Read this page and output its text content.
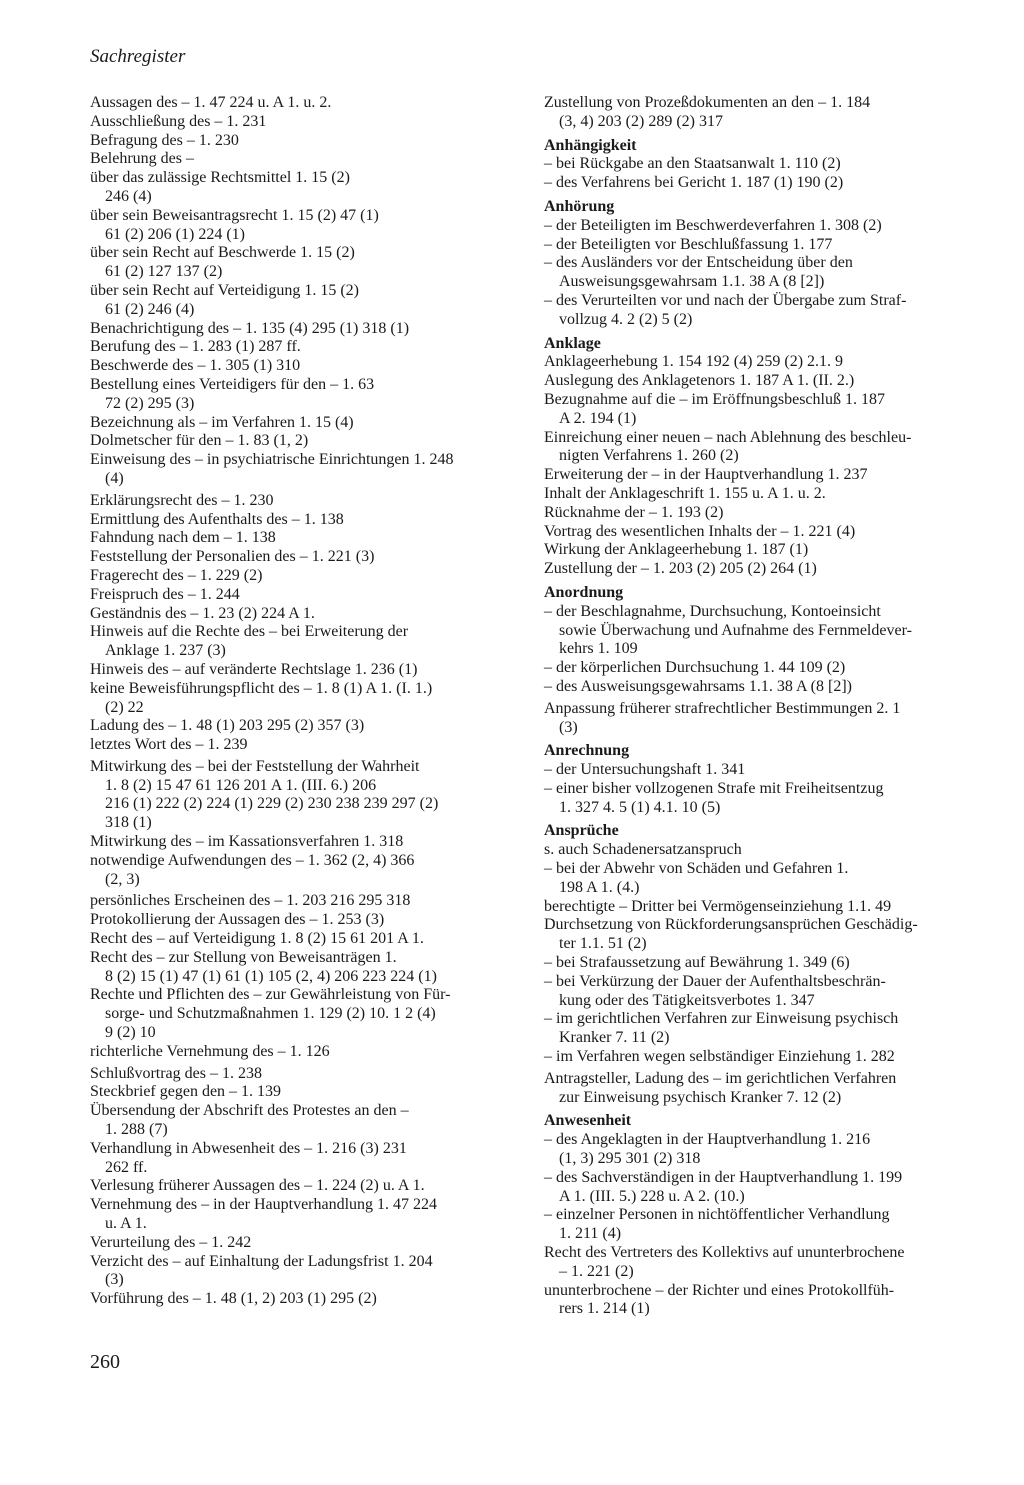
Sachregister
Aussagen des – 1. 47 224 u. A 1. u. 2.
Ausschließung des – 1. 231
Befragung des – 1. 230
Belehrung des –
über das zulässige Rechtsmittel 1. 15 (2)
246 (4)
über sein Beweisantragsrecht 1. 15 (2) 47 (1)
61 (2) 206 (1) 224 (1)
über sein Recht auf Beschwerde 1. 15 (2)
61 (2) 127 137 (2)
über sein Recht auf Verteidigung 1. 15 (2)
61 (2) 246 (4)
Benachrichtigung des – 1. 135 (4) 295 (1) 318 (1)
Berufung des – 1. 283 (1) 287 ff.
Beschwerde des – 1. 305 (1) 310
Bestellung eines Verteidigers für den – 1. 63
72 (2) 295 (3)
Bezeichnung als – im Verfahren 1. 15 (4)
Dolmetscher für den – 1. 83 (1, 2)
Einweisung des – in psychiatrische Einrichtungen 1. 248
(4)
Erklärungsrecht des – 1. 230
Ermittlung des Aufenthalts des – 1. 138
Fahndung nach dem – 1. 138
Feststellung der Personalien des – 1. 221 (3)
Fragerecht des – 1. 229 (2)
Freispruch des – 1. 244
Geständnis des – 1. 23 (2) 224 A 1.
Hinweis auf die Rechte des – bei Erweiterung der
Anklage 1. 237 (3)
Hinweis des – auf veränderte Rechtslage 1. 236 (1)
keine Beweisführungspflicht des – 1. 8 (1) A 1. (I. 1.)
(2) 22
Ladung des – 1. 48 (1) 203 295 (2) 357 (3)
letztes Wort des – 1. 239
Mitwirkung des – bei der Feststellung der Wahrheit
1. 8 (2) 15 47 61 126 201 A 1. (III. 6.) 206
216 (1) 222 (2) 224 (1) 229 (2) 230 238 239 297 (2)
318 (1)
Mitwirkung des – im Kassationsverfahren 1. 318
notwendige Aufwendungen des – 1. 362 (2, 4) 366
(2, 3)
persönliches Erscheinen des – 1. 203 216 295 318
Protokollierung der Aussagen des – 1. 253 (3)
Recht des – auf Verteidigung 1. 8 (2) 15 61 201 A 1.
Recht des – zur Stellung von Beweisanträgen 1.
8 (2) 15 (1) 47 (1) 61 (1) 105 (2, 4) 206 223 224 (1)
Rechte und Pflichten des – zur Gewährleistung von Für-
sorge- und Schutzmaßnahmen 1. 129 (2) 10. 1 2 (4)
9 (2) 10
richterliche Vernehmung des – 1. 126
Schlußvortrag des – 1. 238
Steckbrief gegen den – 1. 139
Übersendung der Abschrift des Protestes an den –
1. 288 (7)
Verhandlung in Abwesenheit des – 1. 216 (3) 231
262 ff.
Verlesung früherer Aussagen des – 1. 224 (2) u. A 1.
Vernehmung des – in der Hauptverhandlung 1. 47 224
u. A 1.
Verurteilung des – 1. 242
Verzicht des – auf Einhaltung der Ladungsfrist 1. 204
(3)
Vorführung des – 1. 48 (1, 2) 203 (1) 295 (2)
Zustellung von Prozeßdokumenten an den – 1. 184
(3, 4) 203 (2) 289 (2) 317
Anhängigkeit
– bei Rückgabe an den Staatsanwalt 1. 110 (2)
– des Verfahrens bei Gericht 1. 187 (1) 190 (2)
Anhörung
– der Beteiligten im Beschwerdeverfahren 1. 308 (2)
– der Beteiligten vor Beschlußfassung 1. 177
– des Ausländers vor der Entscheidung über den
Ausweisungsgewahrsam 1.1. 38 A (8 [2])
– des Verurteilten vor und nach der Übergabe zum Straf-
vollzug 4. 2 (2) 5 (2)
Anklage
Anklageerhebung 1. 154 192 (4) 259 (2) 2.1. 9
Auslegung des Anklagetenors 1. 187 A 1. (II. 2.)
Bezugnahme auf die – im Eröffnungsbeschluß 1. 187
A 2. 194 (1)
Einreichung einer neuen – nach Ablehnung des beschleu-
nigten Verfahrens 1. 260 (2)
Erweiterung der – in der Hauptverhandlung 1. 237
Inhalt der Anklageschrift 1. 155 u. A 1. u. 2.
Rücknahme der – 1. 193 (2)
Vortrag des wesentlichen Inhalts der – 1. 221 (4)
Wirkung der Anklageerhebung 1. 187 (1)
Zustellung der – 1. 203 (2) 205 (2) 264 (1)
Anordnung
– der Beschlagnahme, Durchsuchung, Kontoeinsicht
sowie Überwachung und Aufnahme des Fernmeldever-
kehrs 1. 109
– der körperlichen Durchsuchung 1. 44 109 (2)
– des Ausweisungsgewahrsams 1.1. 38 A (8 [2])
Anpassung früherer strafrechtlicher Bestimmungen 2. 1
(3)
Anrechnung
– der Untersuchungshaft 1. 341
– einer bisher vollzogenen Strafe mit Freiheitsentzug
1. 327 4. 5 (1) 4.1. 10 (5)
Ansprüche
s. auch Schadenersatzanspruch
– bei der Abwehr von Schäden und Gefahren 1.
198 A 1. (4.)
berechtigte – Dritter bei Vermögenseinziehung 1.1. 49
Durchsetzung von Rückforderungsansprüchen Geschädig-
ter 1.1. 51 (2)
– bei Strafaussetzung auf Bewährung 1. 349 (6)
– bei Verkürzung der Dauer der Aufenthaltsbeschrän-
kung oder des Tätigkeitsverbotes 1. 347
– im gerichtlichen Verfahren zur Einweisung psychisch
Kranker 7. 11 (2)
– im Verfahren wegen selbständiger Einziehung 1. 282
Antragsteller, Ladung des – im gerichtlichen Verfahren
zur Einweisung psychisch Kranker 7. 12 (2)
Anwesenheit
– des Angeklagten in der Hauptverhandlung 1. 216
(1, 3) 295 301 (2) 318
– des Sachverständigen in der Hauptverhandlung 1. 199
A 1. (III. 5.) 228 u. A 2. (10.)
– einzelner Personen in nichtöffentlicher Verhandlung
1. 211 (4)
Recht des Vertreters des Kollektivs auf ununterbrochene
– 1. 221 (2)
ununterbrochene – der Richter und eines Protokollfüh-
rers 1. 214 (1)
260
